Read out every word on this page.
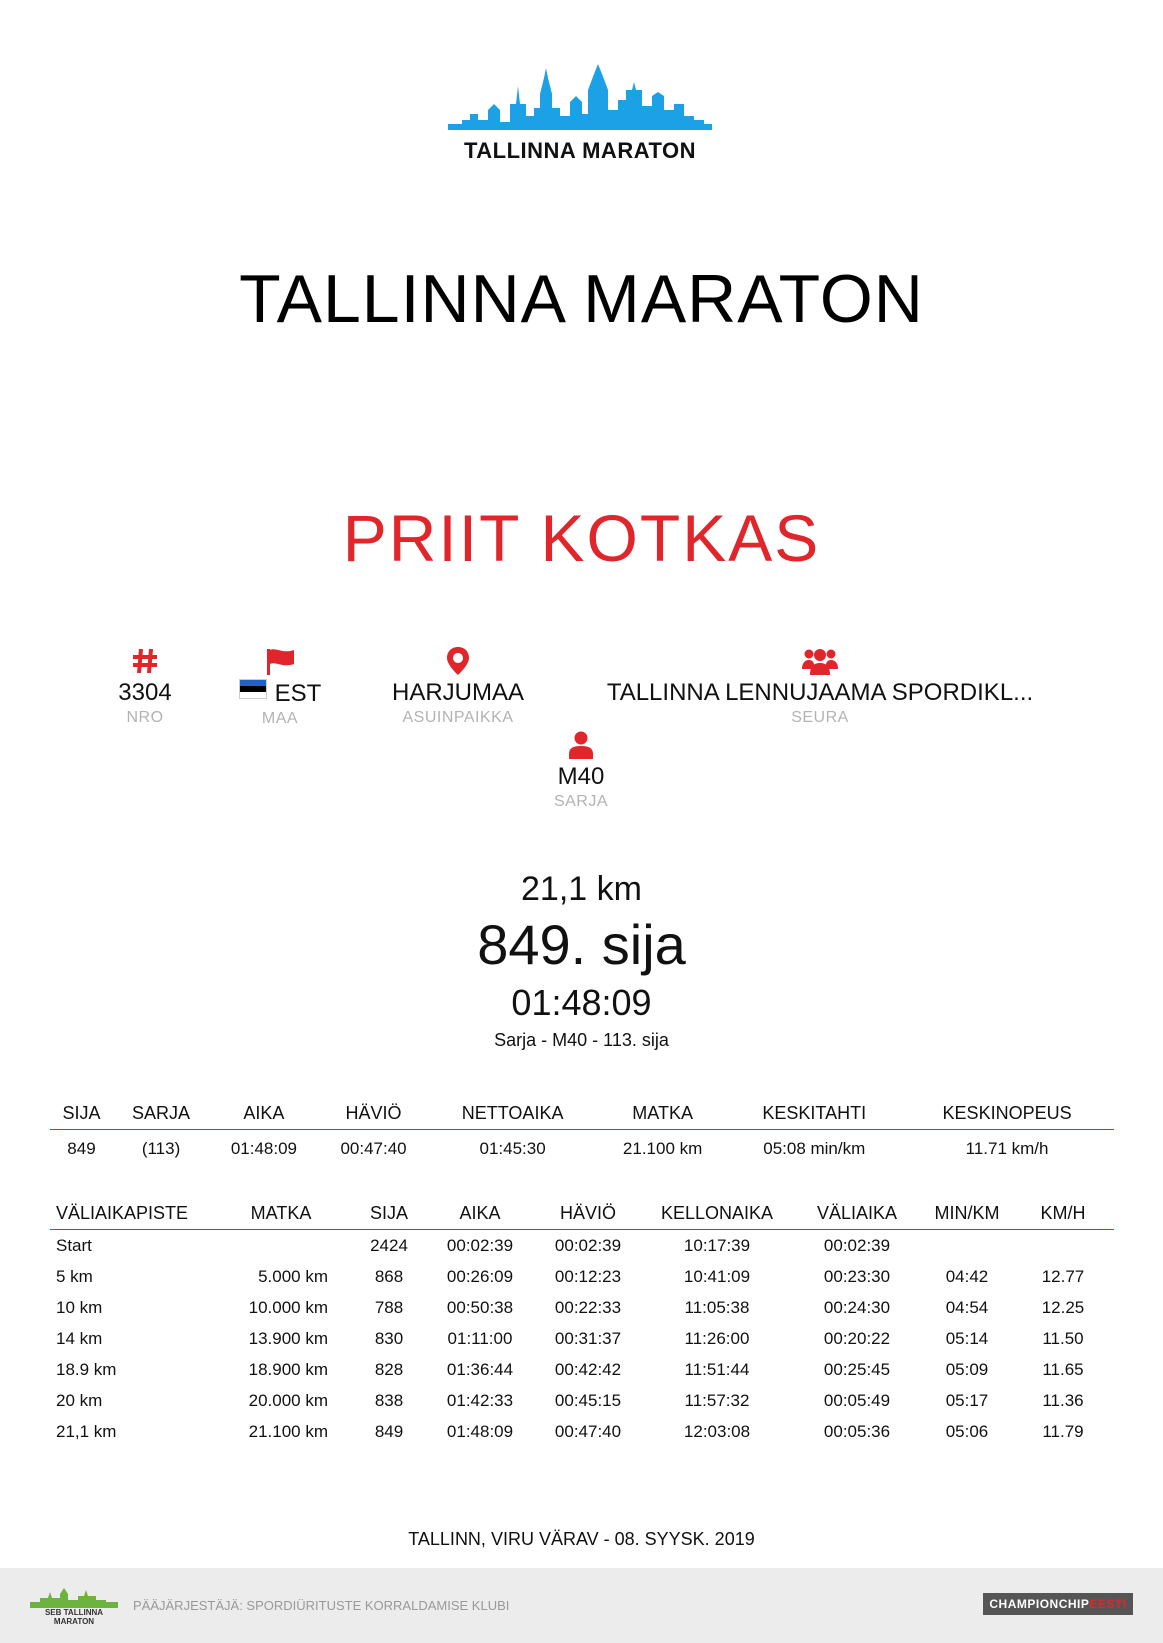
TALLINNA MARATON
TALLINNA MARATON
PRIIT KOTKAS
3304
NRO
EST
MAA
HARJUMAA
ASUINPAIKKA
TALLINNA LENNUJAAMA SPORDIKL...
SEURA
M40
SARJA
21,1 km
849. sija
01:48:09
Sarja - M40 - 113. sija
SIJA	SARJA	AIKA	HÄVIÖ	NETTOAIKA	MATKA	KESKITAHTI	KESKINOPEUS
849	(113)	01:48:09	00:47:40	01:45:30	21.100 km	05:08 min/km	11.71 km/h
VÄLIAIKAPISTE	MATKA	SIJA	AIKA	HÄVIÖ	KELLONAIKA	VÄLIAIKA	MIN/KM	KM/H
Start		2424	00:02:39	00:02:39	10:17:39	00:02:39		
5 km	5.000 km	868	00:26:09	00:12:23	10:41:09	00:23:30	04:42	12.77
10 km	10.000 km	788	00:50:38	00:22:33	11:05:38	00:24:30	04:54	12.25
14 km	13.900 km	830	01:11:00	00:31:37	11:26:00	00:20:22	05:14	11.50
18.9 km	18.900 km	828	01:36:44	00:42:42	11:51:44	00:25:45	05:09	11.65
20 km	20.000 km	838	01:42:33	00:45:15	11:57:32	00:05:49	05:17	11.36
21,1 km	21.100 km	849	01:48:09	00:47:40	12:03:08	00:05:36	05:06	11.79
TALLINN, VIRU VÄRAV - 08. SYYSK. 2019
SEB TALLINNA MARATON
PÄÄJÄRJESTÄJÄ: SPORDIÜRITUSTE KORRALDAMISE KLUBI	CHAMPIONCHIPEESTI
